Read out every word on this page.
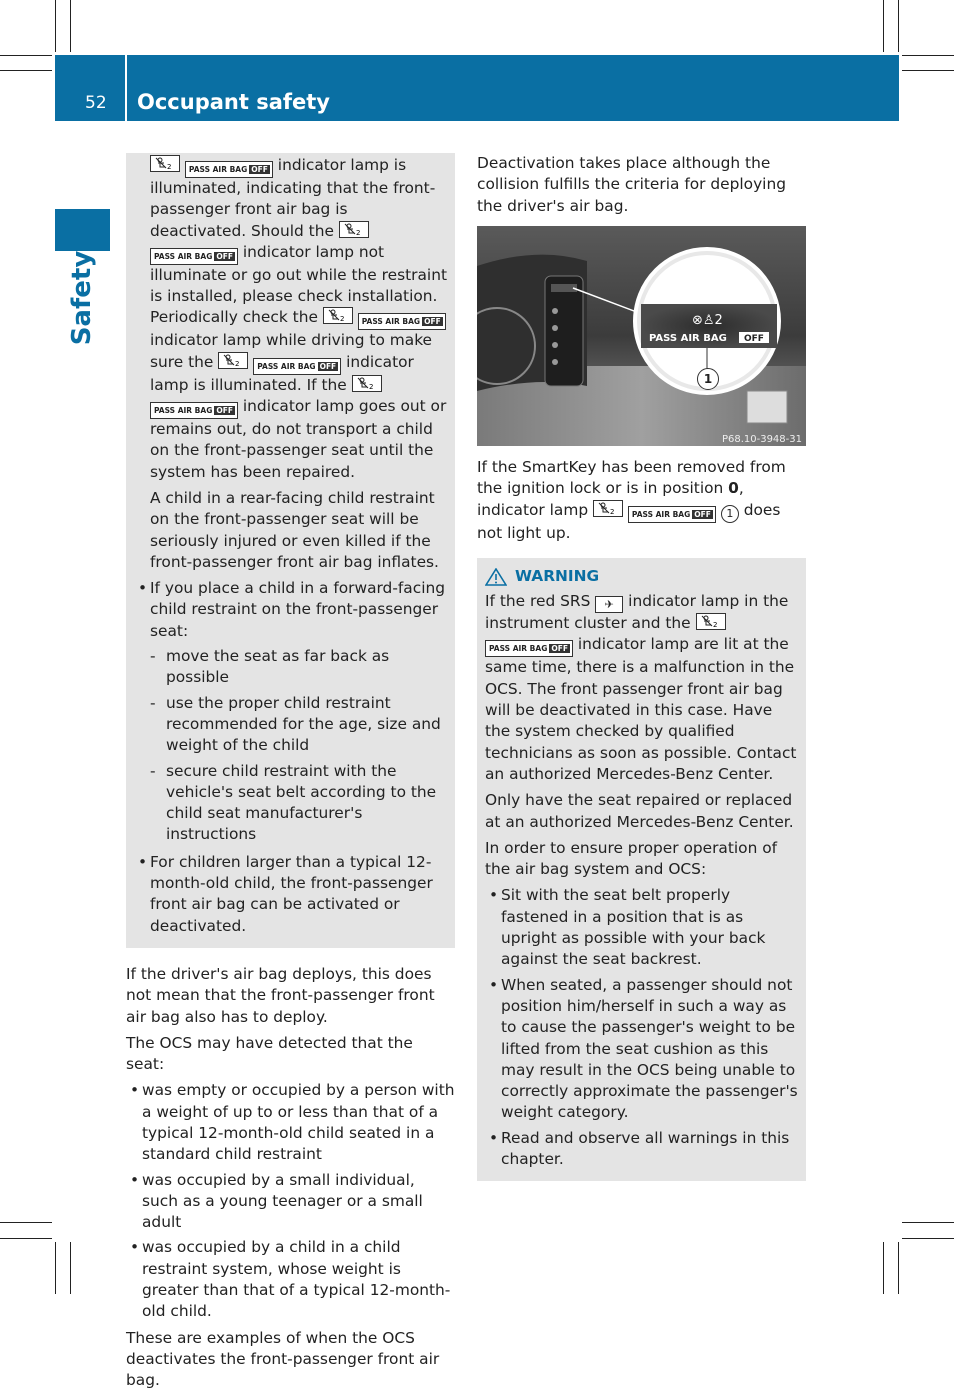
52 Occupant safety
Safety

2 PASS AIR BAG OFF indicator lamp is illuminated, indicating that the front-passenger front air bag is deactivated. Should the	2
PASS AIR BAG OFF indicator lamp not illuminate or go out while the restraint is installed, please check installation. Periodically check the	2 PASS AIR BAG OFF indicator lamp while driving to make sure the	2 PASS AIR BAG OFF indicator lamp is illuminated. If the	2
PASS AIR BAG OFF indicator lamp goes out or remains out, do not transport a child on the front-passenger seat until the system has been repaired.

A child in a rear-facing child restraint on the front-passenger seat will be seriously injured or even killed if the front-passenger front air bag inflates.

• If you place a child in a forward-facing child restraint on the front-passenger seat:
- move the seat as far back as possible
- use the proper child restraint recommended for the age, size and weight of the child
- secure child restraint with the vehicle's seat belt according to the child seat manufacturer's instructions
• For children larger than a typical 12-month-old child, the front-passenger front air bag can be activated or deactivated.

If the driver's air bag deploys, this does not mean that the front-passenger front air bag also has to deploy.

The OCS may have detected that the seat:

• was empty or occupied by a person with a weight of up to or less than that of a typical 12-month-old child seated in a standard child restraint
• was occupied by a small individual, such as a young teenager or a small adult
• was occupied by a child in a child restraint system, whose weight is greater than that of a typical 12-month-old child.

These are examples of when the OCS deactivates the front-passenger front air bag.

Deactivation takes place although the collision fulfills the criteria for deploying the driver's air bag.

⊗♙2
PASS AIR BAG OFF
1
P68.10-3948-31

If the SmartKey has been removed from the ignition lock or is in position 0, indicator lamp	2 PASS AIR BAG OFF 1 does not light up.

WARNING

If the red SRS ✈︎ indicator lamp in the instrument cluster and the	2
PASS AIR BAG OFF indicator lamp are lit at the same time, there is a malfunction in the OCS. The front passenger front air bag will be deactivated in this case. Have the system checked by qualified technicians as soon as possible. Contact an authorized Mercedes-Benz Center.

Only have the seat repaired or replaced at an authorized Mercedes-Benz Center.

In order to ensure proper operation of the air bag system and OCS:

• Sit with the seat belt properly fastened in a position that is as upright as possible with your back against the seat backrest.
• When seated, a passenger should not position him/herself in such a way as to cause the passenger's weight to be lifted from the seat cushion as this may result in the OCS being unable to correctly approximate the passenger's weight category.
• Read and observe all warnings in this chapter.
